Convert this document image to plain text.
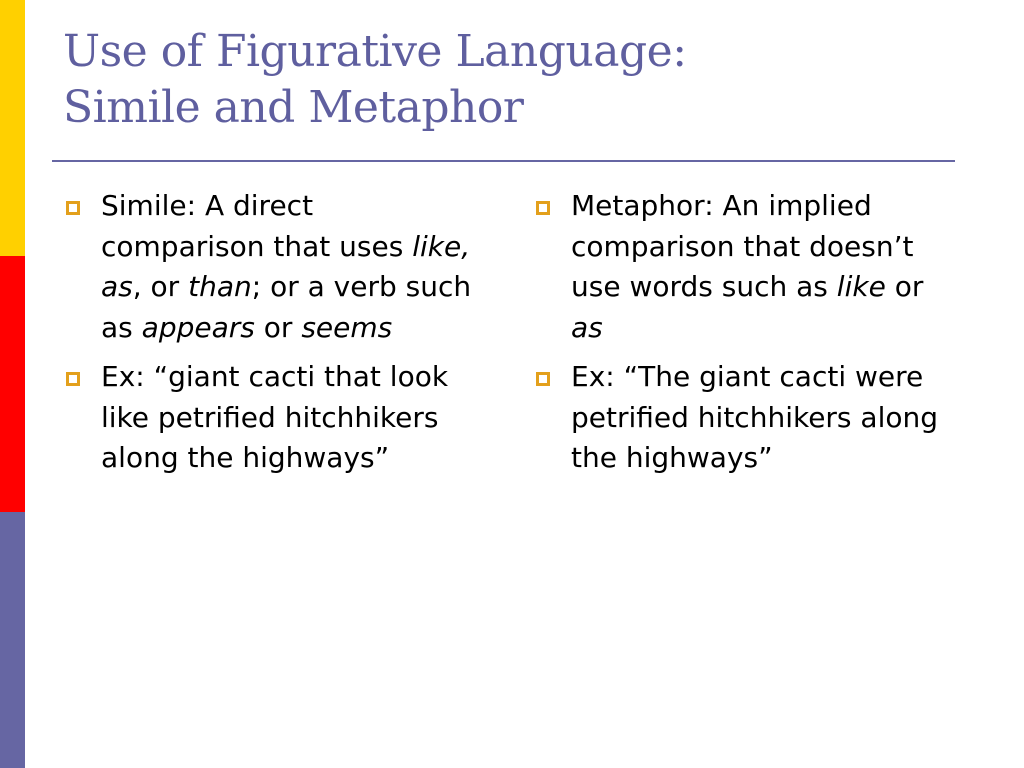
Use of Figurative Language:
Simile and Metaphor
Simile: A direct comparison that uses like, as, or than; or a verb such as appears or seems
Ex: “giant cacti that look like petrified hitchhikers along the highways”
Metaphor: An implied comparison that doesn’t use words such as like or as
Ex: “The giant cacti were petrified hitchhikers along the highways”
